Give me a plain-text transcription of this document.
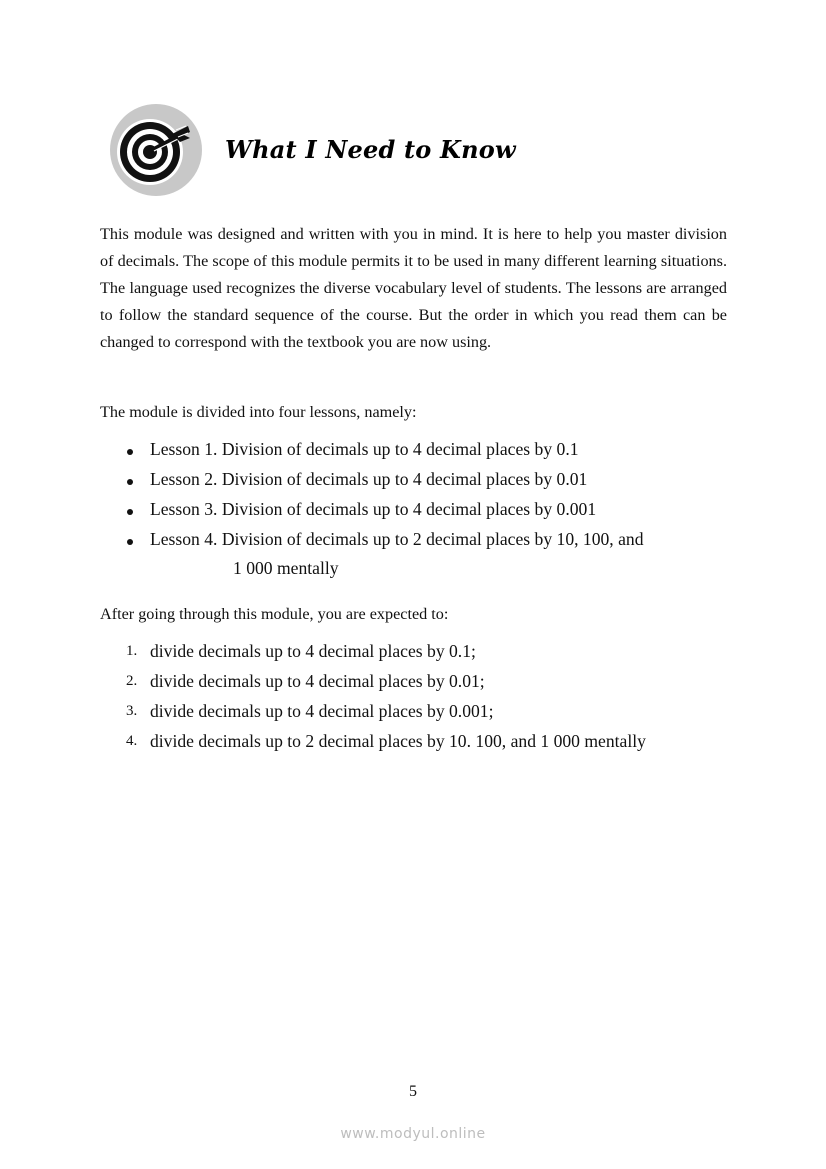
What I Need to Know

This module was designed and written with you in mind. It is here to help you master division of decimals. The scope of this module permits it to be used in many different learning situations. The language used recognizes the diverse vocabulary level of students. The lessons are arranged to follow the standard sequence of the course. But the order in which you read them can be changed to correspond with the textbook you are now using.

The module is divided into four lessons, namely:

Lesson 1. Division of decimals up to 4 decimal places by 0.1
Lesson 2. Division of decimals up to 4 decimal places by 0.01
Lesson 3. Division of decimals up to 4 decimal places by 0.001
Lesson 4. Division of decimals up to 2 decimal places by 10, 100, and
1 000 mentally

After going through this module, you are expected to:

1. divide decimals up to 4 decimal places by 0.1;
2. divide decimals up to 4 decimal places by 0.01;
3. divide decimals up to 4 decimal places by 0.001;
4. divide decimals up to 2 decimal places by 10. 100, and 1 000 mentally
5
www.modyul.online
